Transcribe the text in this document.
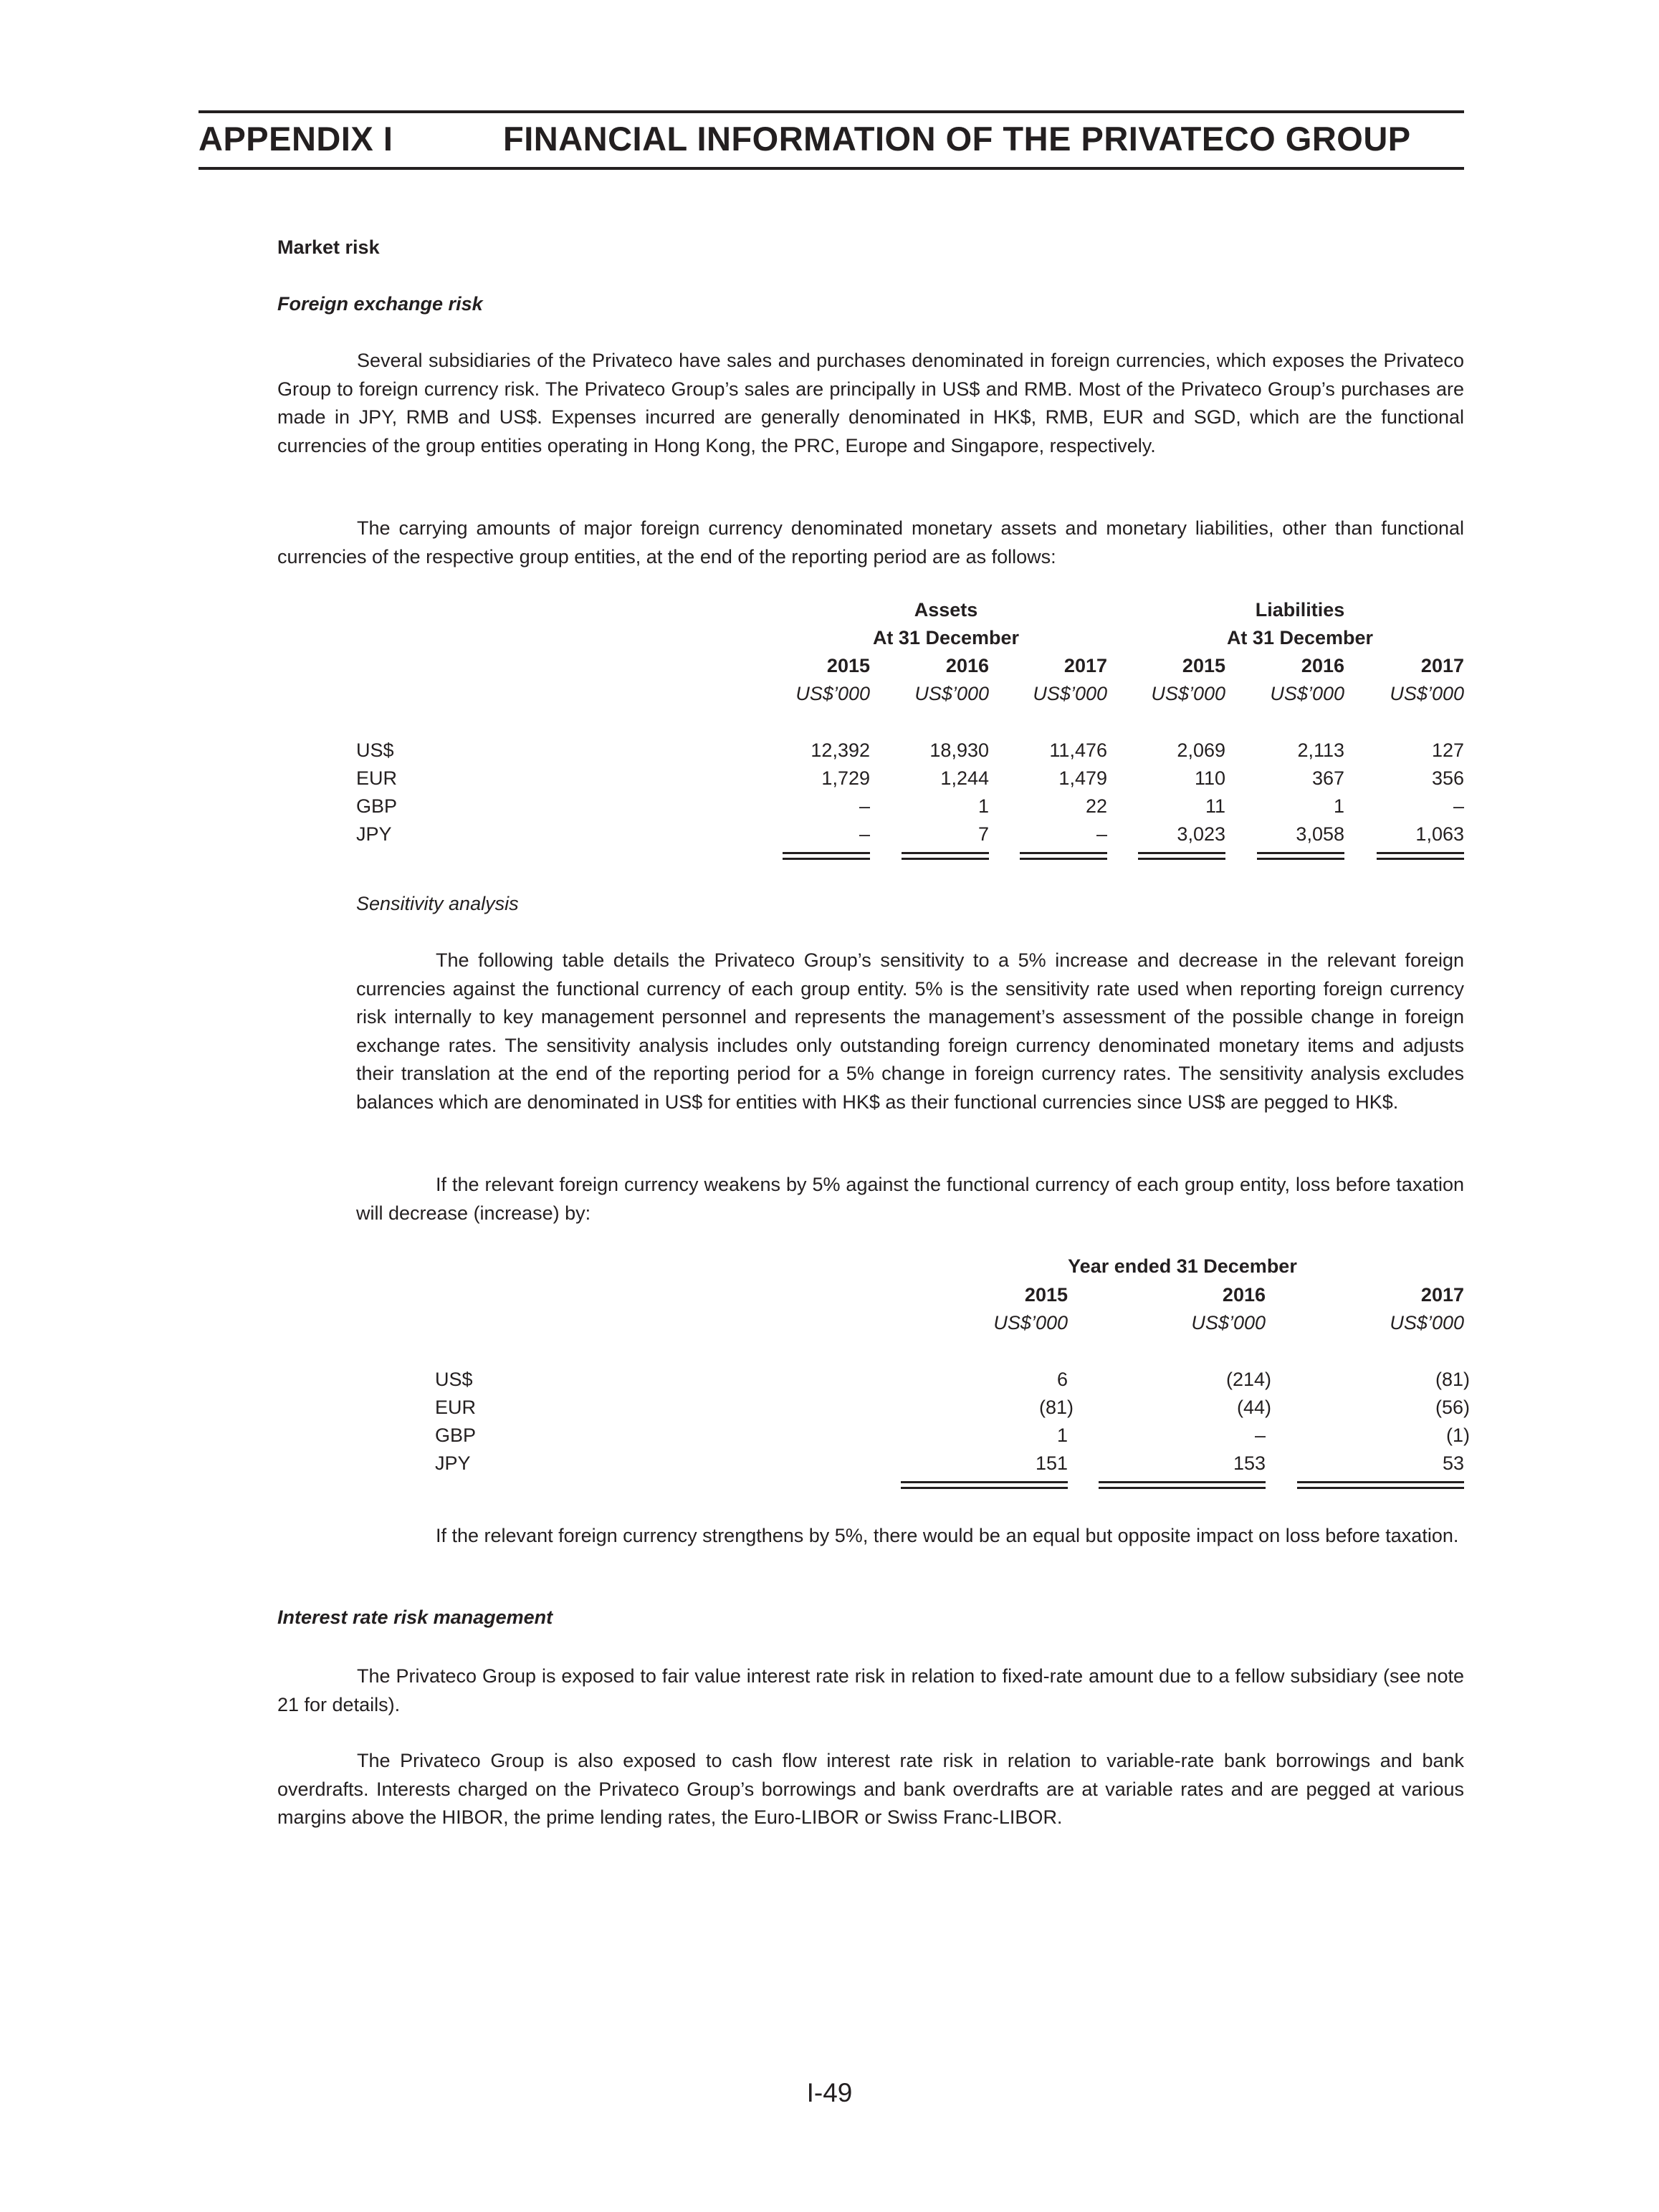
APPENDIX I	FINANCIAL INFORMATION OF THE PRIVATECO GROUP
Market risk
Foreign exchange risk
Several subsidiaries of the Privateco have sales and purchases denominated in foreign currencies, which exposes the Privateco Group to foreign currency risk. The Privateco Group’s sales are principally in US$ and RMB. Most of the Privateco Group’s purchases are made in JPY, RMB and US$. Expenses incurred are generally denominated in HK$, RMB, EUR and SGD, which are the functional currencies of the group entities operating in Hong Kong, the PRC, Europe and Singapore, respectively.
The carrying amounts of major foreign currency denominated monetary assets and monetary liabilities, other than functional currencies of the respective group entities, at the end of the reporting period are as follows:
Assets	Liabilities
At 31 December	At 31 December
2015	2016	2017	2015	2016	2017
US$’000	US$’000	US$’000	US$’000	US$’000	US$’000
US$	12,392	18,930	11,476	2,069	2,113	127
EUR	1,729	1,244	1,479	110	367	356
GBP	–	1	22	11	1	–
JPY	–	7	–	3,023	3,058	1,063
Sensitivity analysis
The following table details the Privateco Group’s sensitivity to a 5% increase and decrease in the relevant foreign currencies against the functional currency of each group entity. 5% is the sensitivity rate used when reporting foreign currency risk internally to key management personnel and represents the management’s assessment of the possible change in foreign exchange rates. The sensitivity analysis includes only outstanding foreign currency denominated monetary items and adjusts their translation at the end of the reporting period for a 5% change in foreign currency rates. The sensitivity analysis excludes balances which are denominated in US$ for entities with HK$ as their functional currencies since US$ are pegged to HK$.
If the relevant foreign currency weakens by 5% against the functional currency of each group entity, loss before taxation will decrease (increase) by:
Year ended 31 December
2015	2016	2017
US$’000	US$’000	US$’000
US$	6	(214)	(81)
EUR	(81)	(44)	(56)
GBP	1	–	(1)
JPY	151	153	53
If the relevant foreign currency strengthens by 5%, there would be an equal but opposite impact on loss before taxation.
Interest rate risk management
The Privateco Group is exposed to fair value interest rate risk in relation to fixed-rate amount due to a fellow subsidiary (see note 21 for details).
The Privateco Group is also exposed to cash flow interest rate risk in relation to variable-rate bank borrowings and bank overdrafts. Interests charged on the Privateco Group’s borrowings and bank overdrafts are at variable rates and are pegged at various margins above the HIBOR, the prime lending rates, the Euro-LIBOR or Swiss Franc-LIBOR.
I-49
